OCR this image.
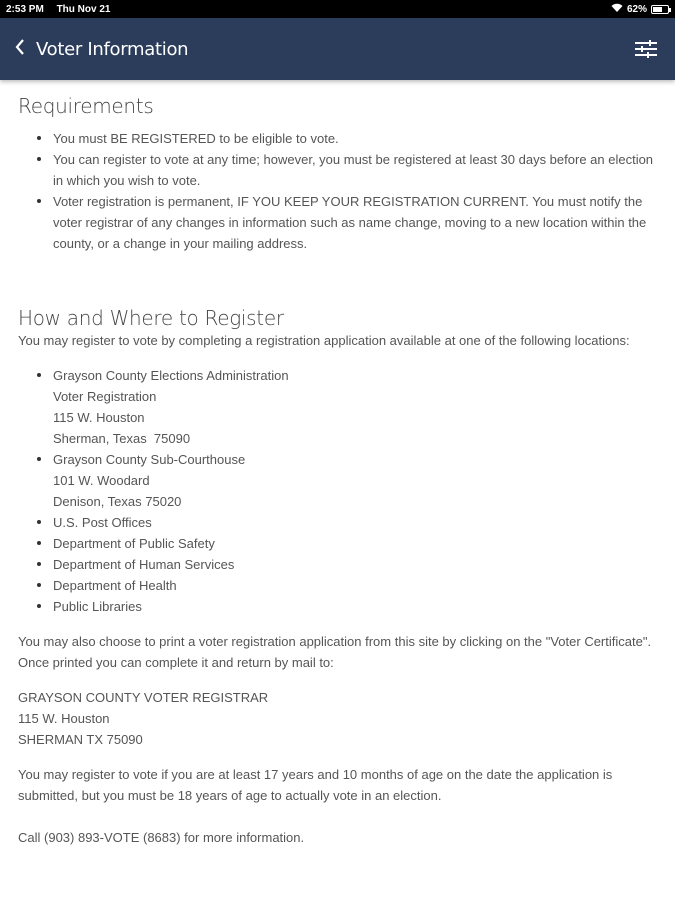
2:53 PM Thu Nov 21	62%
Voter Information
Requirements
You must BE REGISTERED to be eligible to vote.
You can register to vote at any time; however, you must be registered at least 30 days before an election in which you wish to vote.
Voter registration is permanent, IF YOU KEEP YOUR REGISTRATION CURRENT. You must notify the voter registrar of any changes in information such as name change, moving to a new location within the county, or a change in your mailing address.
How and Where to Register

You may register to vote by completing a registration application available at one of the following locations:

Grayson County Elections Administration
Voter Registration
115 W. Houston
Sherman, Texas  75090
Grayson County Sub-Courthouse
101 W. Woodard
Denison, Texas 75020
U.S. Post Offices
Department of Public Safety
Department of Human Services
Department of Health
Public Libraries

You may also choose to print a voter registration application from this site by clicking on the "Voter Certificate".  Once printed you can complete it and return by mail to:

GRAYSON COUNTY VOTER REGISTRAR

115 W. Houston

SHERMAN TX 75090

You may register to vote if you are at least 17 years and 10 months of age on the date the application is submitted, but you must be 18 years of age to actually vote in an election.

Call (903) 893-VOTE (8683) for more information.
